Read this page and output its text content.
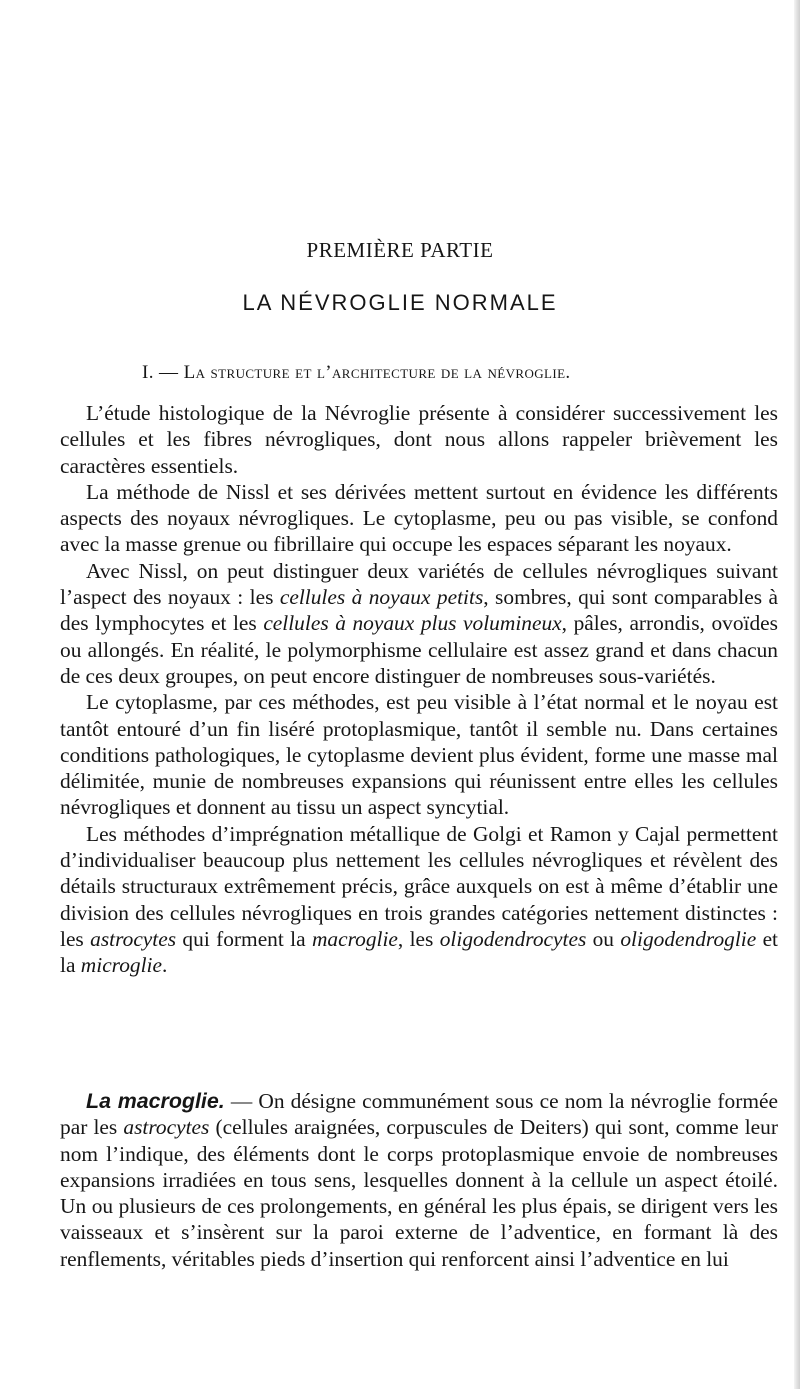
PREMIÈRE PARTIE
LA NÉVROGLIE NORMALE
I. — La structure et l’architecture de la névroglie.

L’étude histologique de la Névroglie présente à considérer successivement les cellules et les fibres névrogliques, dont nous allons rappeler brièvement les caractères essentiels.

La méthode de Nissl et ses dérivées mettent surtout en évidence les différents aspects des noyaux névrogliques. Le cytoplasme, peu ou pas visible, se confond avec la masse grenue ou fibrillaire qui occupe les espaces séparant les noyaux.

Avec Nissl, on peut distinguer deux variétés de cellules névrogliques suivant l’aspect des noyaux : les cellules à noyaux petits, sombres, qui sont comparables à des lymphocytes et les cellules à noyaux plus volumineux, pâles, arrondis, ovoïdes ou allongés. En réalité, le polymorphisme cellulaire est assez grand et dans chacun de ces deux groupes, on peut encore distinguer de nombreuses sous-variétés.

Le cytoplasme, par ces méthodes, est peu visible à l’état normal et le noyau est tantôt entouré d’un fin liséré protoplasmique, tantôt il semble nu. Dans certaines conditions pathologiques, le cytoplasme devient plus évident, forme une masse mal délimitée, munie de nombreuses expansions qui réunissent entre elles les cellules névrogliques et donnent au tissu un aspect syncytial.

Les méthodes d’imprégnation métallique de Golgi et Ramon y Cajal permettent d’individualiser beaucoup plus nettement les cellules névrogliques et révèlent des détails structuraux extrêmement précis, grâce auxquels on est à même d’établir une division des cellules névrogliques en trois grandes catégories nettement distinctes : les astrocytes qui forment la macroglie, les oligodendrocytes ou oligodendroglie et la microglie.

La macroglie. — On désigne communément sous ce nom la névroglie formée par les astrocytes (cellules araignées, corpuscules de Deiters) qui sont, comme leur nom l’indique, des éléments dont le corps protoplasmique envoie de nombreuses expansions irradiées en tous sens, lesquelles donnent à la cellule un aspect étoilé. Un ou plusieurs de ces prolongements, en général les plus épais, se dirigent vers les vaisseaux et s’insèrent sur la paroi externe de l’adventice, en formant là des renflements, véritables pieds d’insertion qui renforcent ainsi l’adventice en lui
